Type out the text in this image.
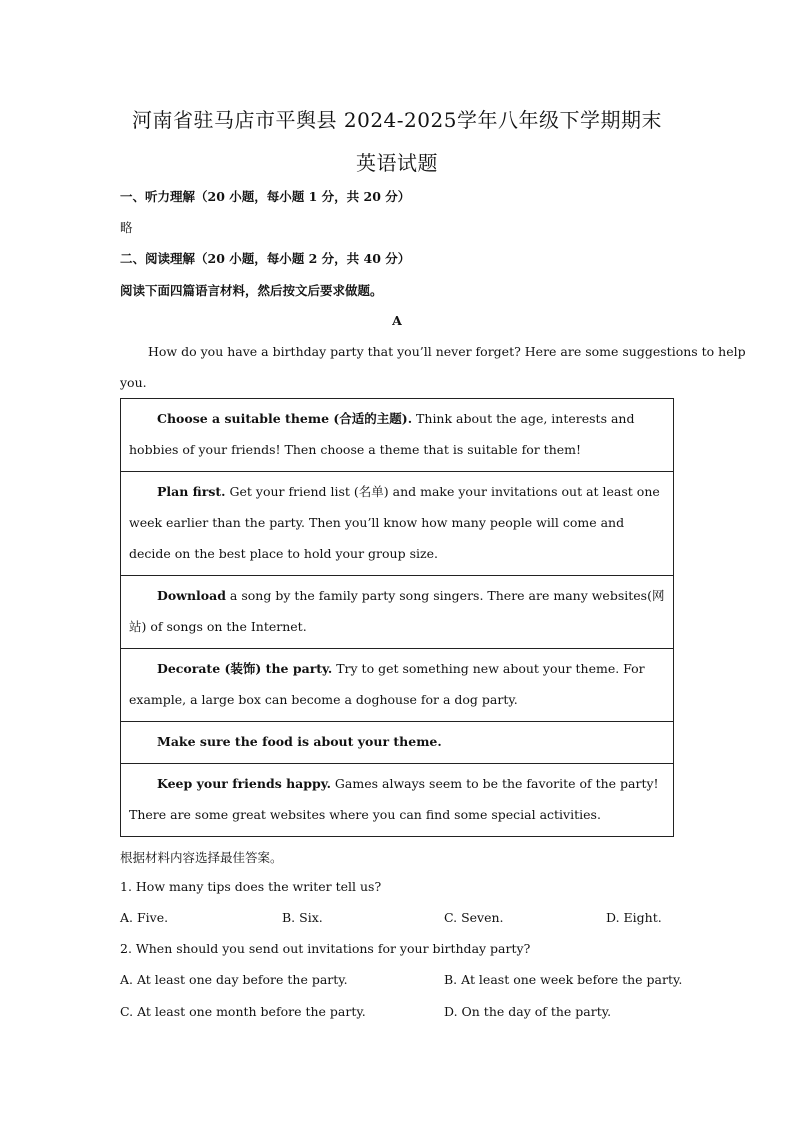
河南省驻马店市平舆县 2024-2025学年八年级下学期期末
英语试题
一、听力理解（20 小题，每小题 1 分，共 20 分）
略
二、阅读理解（20 小题，每小题 2 分，共 40 分）
阅读下面四篇语言材料，然后按文后要求做题。
A
How do you have a birthday party that you’ll never forget? Here are some suggestions to help
you.
Choose a suitable theme (合适的主题). Think about the age, interests and hobbies of your friends! Then choose a theme that is suitable for them!
Plan first. Get your friend list (名单) and make your invitations out at least one week earlier than the party. Then you’ll know how many people will come and decide on the best place to hold your group size.
Download a song by the family party song singers. There are many websites(网站) of songs on the Internet.
Decorate (装饰) the party. Try to get something new about your theme. For example, a large box can become a doghouse for a dog party.
Make sure the food is about your theme.
Keep your friends happy. Games always seem to be the favorite of the party! There are some great websites where you can find some special activities.
根据材料内容选择最佳答案。
1. How many tips does the writer tell us?
A. Five.	B. Six.	C. Seven.	D. Eight.
2. When should you send out invitations for your birthday party?
A. At least one day before the party.	B. At least one week before the party.
C. At least one month before the party.	D. On the day of the party.
